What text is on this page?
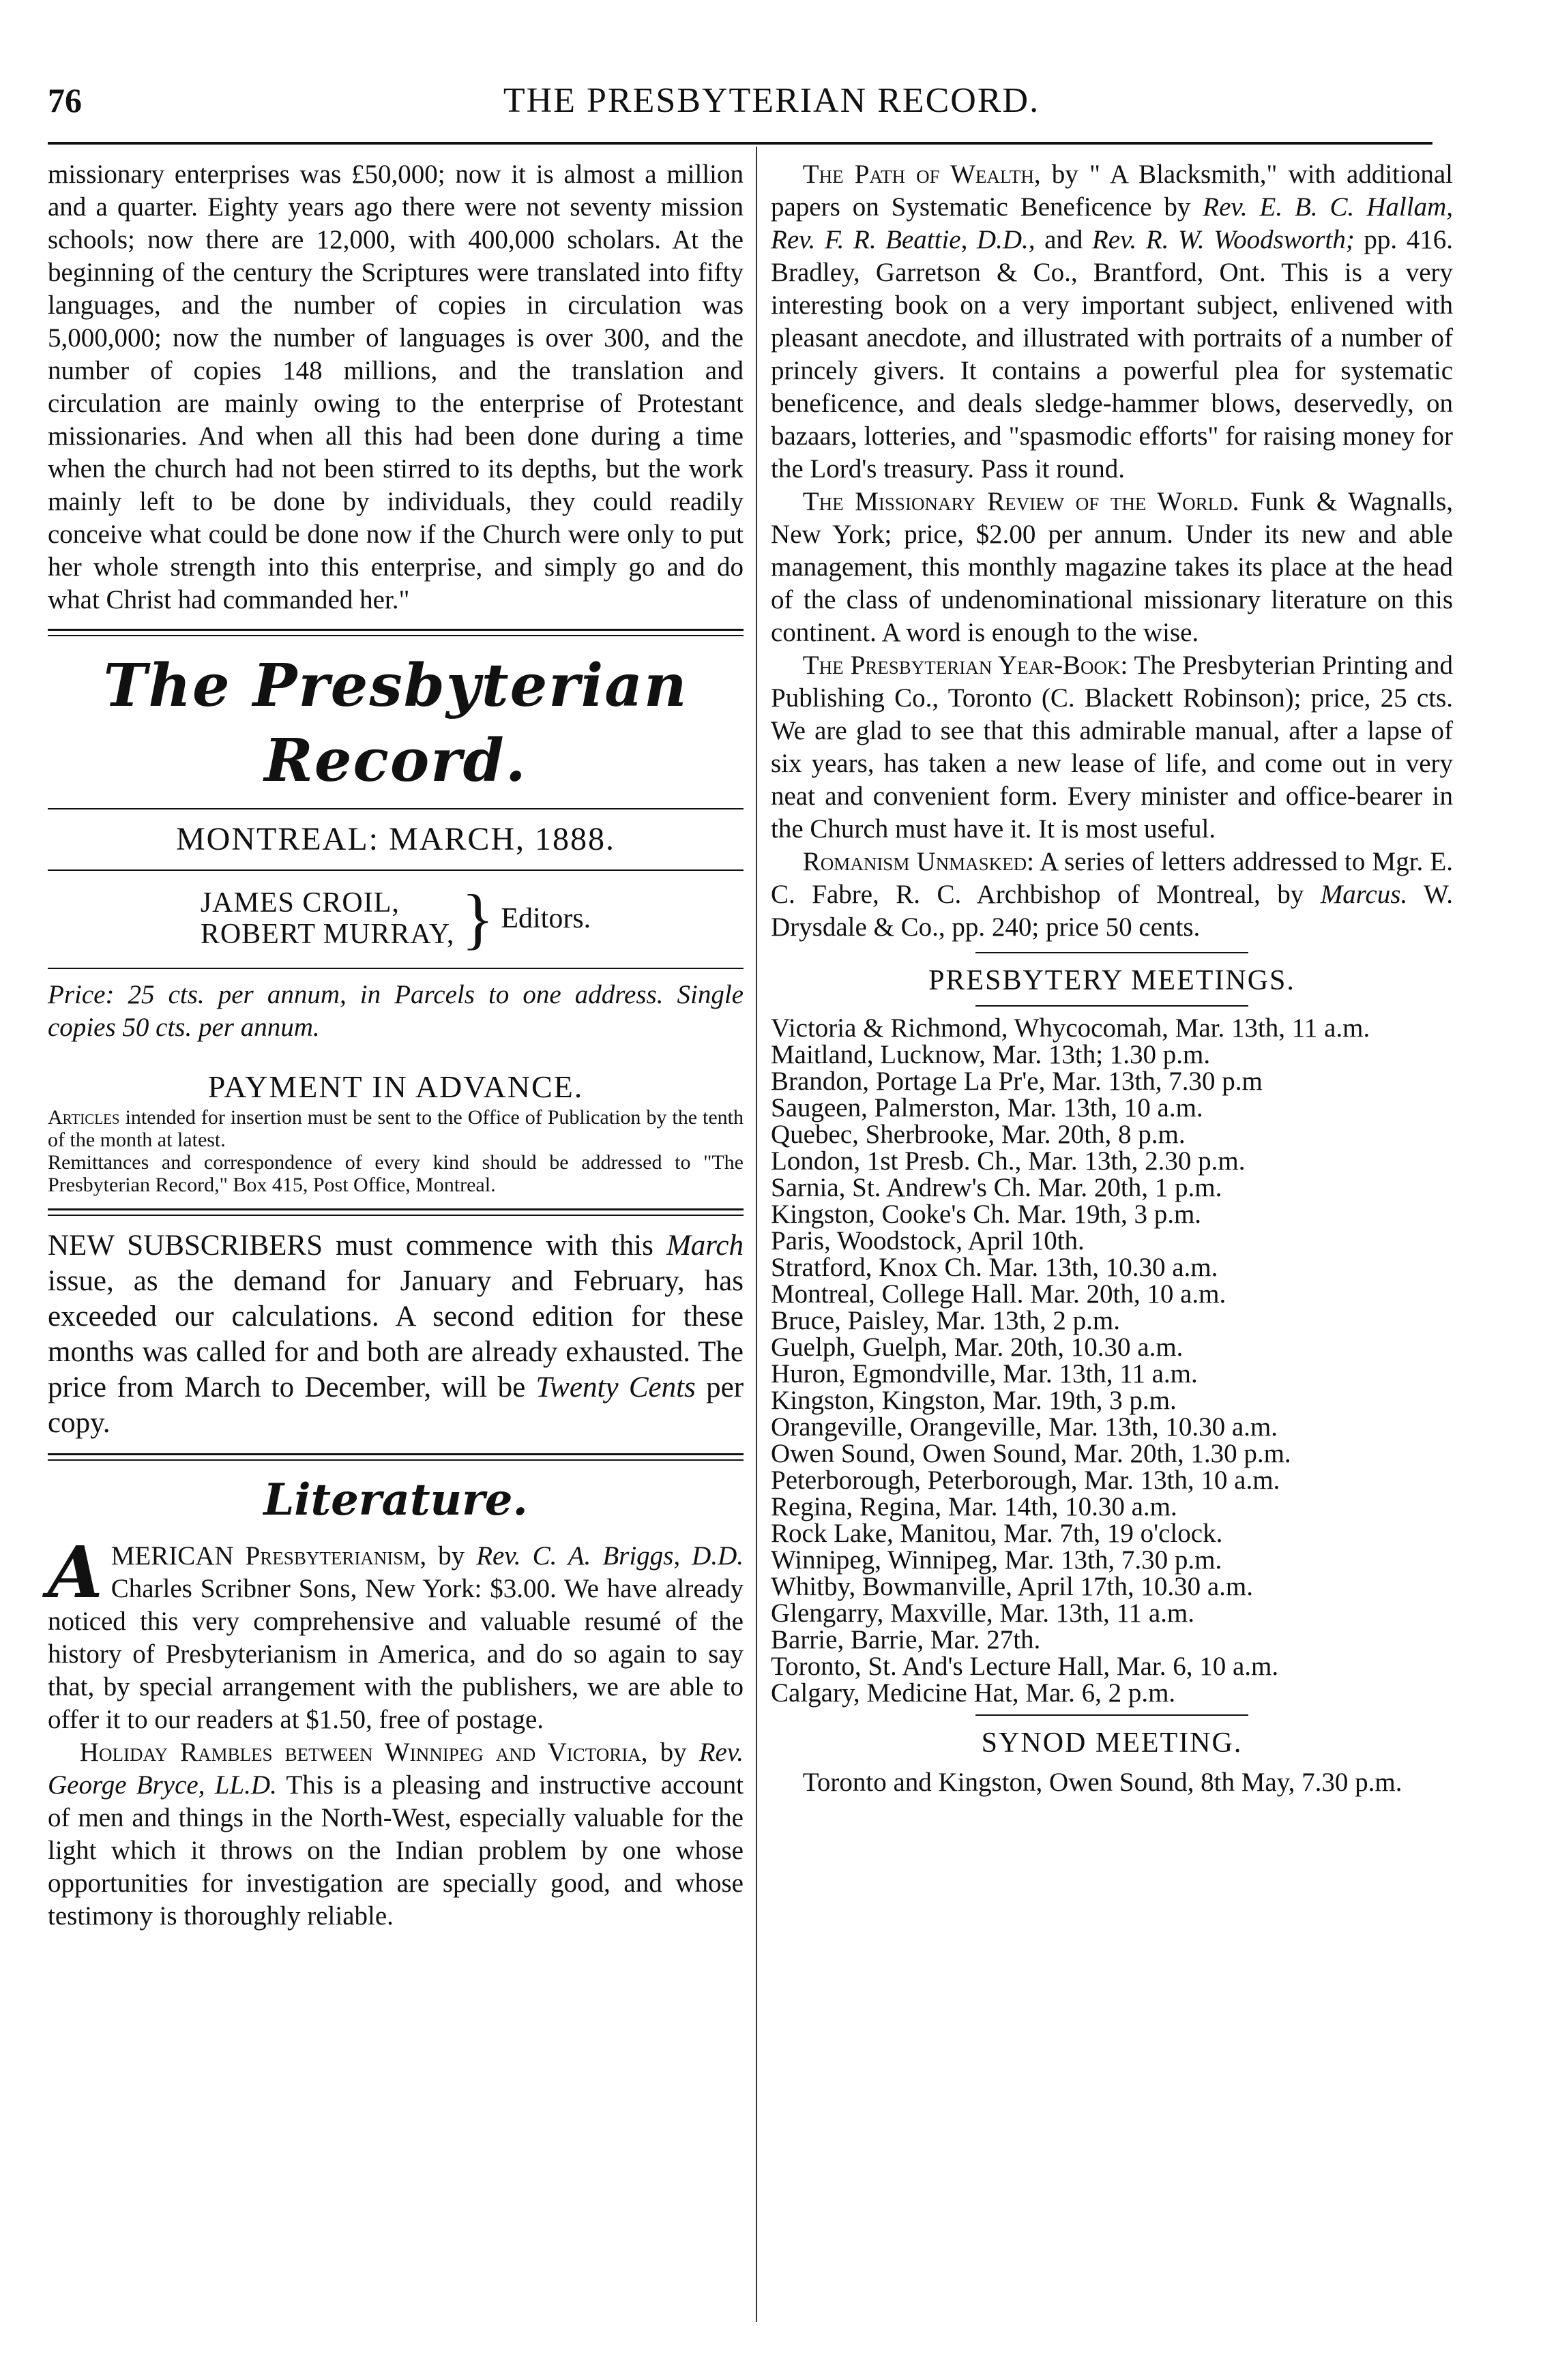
76	THE PRESBYTERIAN RECORD.

missionary enterprises was £50,000; now it is almost a million and a quarter. Eighty years ago there were not seventy mission schools; now there are 12,000, with 400,000 scholars. At the beginning of the century the Scriptures were translated into fifty languages, and the number of copies in circulation was 5,000,000; now the number of languages is over 300, and the number of copies 148 millions, and the translation and circulation are mainly owing to the enterprise of Protestant missionaries. And when all this had been done during a time when the church had not been stirred to its depths, but the work mainly left to be done by individuals, they could readily conceive what could be done now if the Church were only to put her whole strength into this enterprise, and simply go and do what Christ had commanded her."

The Presbyterian Record.
MONTREAL: MARCH, 1888.
JAMES CROIL,
ROBERT MURRAY, } Editors.

Price: 25 cts. per annum, in Parcels to one address. Single copies 50 cts. per annum.

PAYMENT IN ADVANCE.

Articles intended for insertion must be sent to the Office of Publication by the tenth of the month at latest.

Remittances and correspondence of every kind should be addressed to "The Presbyterian Record," Box 415, Post Office, Montreal.

NEW SUBSCRIBERS must commence with this March issue, as the demand for January and February, has exceeded our calculations. A second edition for these months was called for and both are already exhausted. The price from March to December, will be Twenty Cents per copy.

Literature.

AMERICAN Presbyterianism, by Rev. C. A. Briggs, D.D. Charles Scribner Sons, New York: $3.00. We have already noticed this very comprehensive and valuable resumé of the history of Presbyterianism in America, and do so again to say that, by special arrangement with the publishers, we are able to offer it to our readers at $1.50, free of postage.

Holiday Rambles between Winnipeg and Victoria, by Rev. George Bryce, LL.D. This is a pleasing and instructive account of men and things in the North-West, especially valuable for the light which it throws on the Indian problem by one whose opportunities for investigation are specially good, and whose testimony is thoroughly reliable.

The Path of Wealth, by " A Blacksmith," with additional papers on Systematic Beneficence by Rev. E. B. C. Hallam, Rev. F. R. Beattie, D.D., and Rev. R. W. Woodsworth; pp. 416. Bradley, Garretson & Co., Brantford, Ont. This is a very interesting book on a very important subject, enlivened with pleasant anecdote, and illustrated with portraits of a number of princely givers. It contains a powerful plea for systematic beneficence, and deals sledge-hammer blows, deservedly, on bazaars, lotteries, and "spasmodic efforts" for raising money for the Lord's treasury. Pass it round.

The Missionary Review of the World. Funk & Wagnalls, New York; price, $2.00 per annum. Under its new and able management, this monthly magazine takes its place at the head of the class of undenominational missionary literature on this continent. A word is enough to the wise.

The Presbyterian Year-Book: The Presbyterian Printing and Publishing Co., Toronto (C. Blackett Robinson); price, 25 cts. We are glad to see that this admirable manual, after a lapse of six years, has taken a new lease of life, and come out in very neat and convenient form. Every minister and office-bearer in the Church must have it. It is most useful.

Romanism Unmasked: A series of letters addressed to Mgr. E. C. Fabre, R. C. Archbishop of Montreal, by Marcus. W. Drysdale & Co., pp. 240; price 50 cents.

PRESBYTERY MEETINGS.

Victoria & Richmond, Whycocomah, Mar. 13th, 11 a.m.

Maitland, Lucknow, Mar. 13th; 1.30 p.m.

Brandon, Portage La Pr'e, Mar. 13th, 7.30 p.m

Saugeen, Palmerston, Mar. 13th, 10 a.m.

Quebec, Sherbrooke, Mar. 20th, 8 p.m.

London, 1st Presb. Ch., Mar. 13th, 2.30 p.m.

Sarnia, St. Andrew's Ch. Mar. 20th, 1 p.m.

Kingston, Cooke's Ch. Mar. 19th, 3 p.m.

Paris, Woodstock, April 10th.

Stratford, Knox Ch. Mar. 13th, 10.30 a.m.

Montreal, College Hall. Mar. 20th, 10 a.m.

Bruce, Paisley, Mar. 13th, 2 p.m.

Guelph, Guelph, Mar. 20th, 10.30 a.m.

Huron, Egmondville, Mar. 13th, 11 a.m.

Kingston, Kingston, Mar. 19th, 3 p.m.

Orangeville, Orangeville, Mar. 13th, 10.30 a.m.

Owen Sound, Owen Sound, Mar. 20th, 1.30 p.m.

Peterborough, Peterborough, Mar. 13th, 10 a.m.

Regina, Regina, Mar. 14th, 10.30 a.m.

Rock Lake, Manitou, Mar. 7th, 19 o'clock.

Winnipeg, Winnipeg, Mar. 13th, 7.30 p.m.

Whitby, Bowmanville, April 17th, 10.30 a.m.

Glengarry, Maxville, Mar. 13th, 11 a.m.

Barrie, Barrie, Mar. 27th.

Toronto, St. And's Lecture Hall, Mar. 6, 10 a.m.

Calgary, Medicine Hat, Mar. 6, 2 p.m.

SYNOD MEETING.

Toronto and Kingston, Owen Sound, 8th May, 7.30 p.m.
